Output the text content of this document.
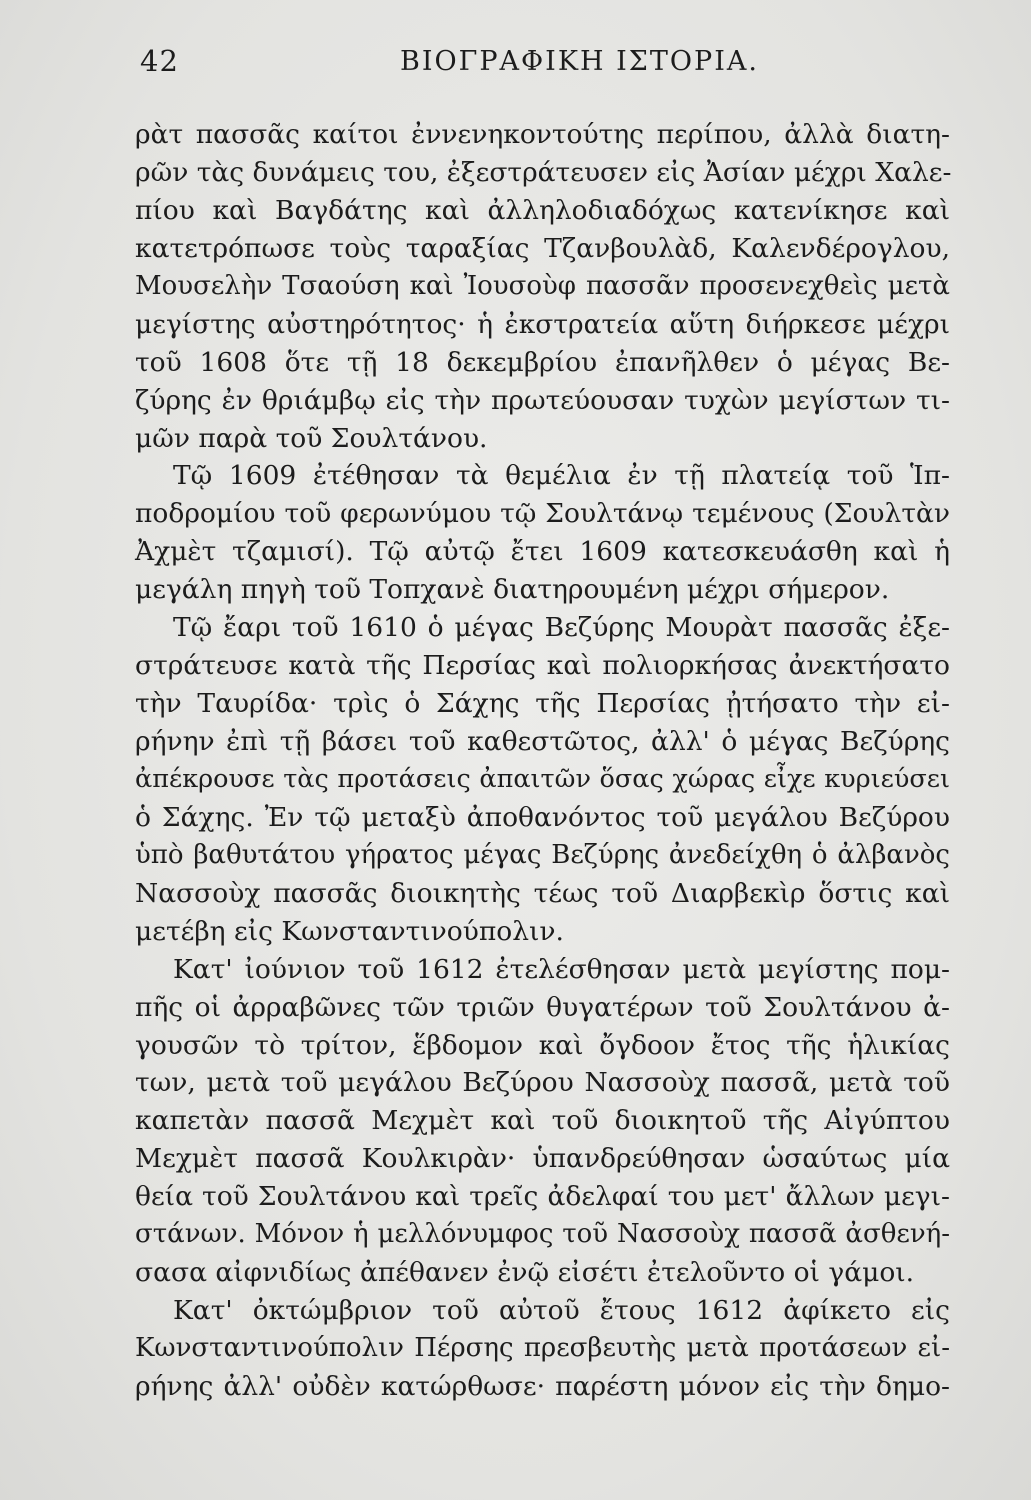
42	ΒΙΟΓΡΑΦΙΚΗ ΙΣΤΟΡΙΑ.
ρὰτ πασσᾶς καίτοι ἐννενηκοντούτης περίπου, ἀλλὰ διατη-
ρῶν τὰς δυνάμεις του, ἐξεστράτευσεν εἰς Ἀσίαν μέχρι Χαλε-
πίου καὶ Βαγδάτης καὶ ἀλληλοδιαδόχως κατενίκησε καὶ
κατετρόπωσε τοὺς ταραξίας Τζανβουλὰδ, Καλενδέρογλου,
Μουσελὴν Τσαούση καὶ Ἰουσοὺφ πασσᾶν προσενεχθεὶς μετὰ
μεγίστης αὐστηρότητος· ἡ ἐκστρατεία αὕτη διήρκεσε μέχρι
τοῦ 1608 ὅτε τῇ 18 δεκεμβρίου ἐπανῆλθεν ὁ μέγας Βε-
ζύρης ἐν θριάμβῳ εἰς τὴν πρωτεύουσαν τυχὼν μεγίστων τι-
μῶν παρὰ τοῦ Σουλτάνου.
Τῷ 1609 ἐτέθησαν τὰ θεμέλια ἐν τῇ πλατείᾳ τοῦ Ἱπ-
ποδρομίου τοῦ φερωνύμου τῷ Σουλτάνῳ τεμένους (Σουλτὰν
Ἀχμὲτ τζαμισί). Τῷ αὐτῷ ἔτει 1609 κατεσκευάσθη καὶ ἡ
μεγάλη πηγὴ τοῦ Τοπχανὲ διατηρουμένη μέχρι σήμερον.
Τῷ ἔαρι τοῦ 1610 ὁ μέγας Βεζύρης Μουρὰτ πασσᾶς ἐξε-
στράτευσε κατὰ τῆς Περσίας καὶ πολιορκήσας ἀνεκτήσατο
τὴν Ταυρίδα· τρὶς ὁ Σάχης τῆς Περσίας ᾐτήσατο τὴν εἰ-
ρήνην ἐπὶ τῇ βάσει τοῦ καθεστῶτος, ἀλλ' ὁ μέγας Βεζύρης
ἀπέκρουσε τὰς προτάσεις ἀπαιτῶν ὅσας χώρας εἶχε κυριεύσει
ὁ Σάχης. Ἐν τῷ μεταξὺ ἀποθανόντος τοῦ μεγάλου Βεζύρου
ὑπὸ βαθυτάτου γήρατος μέγας Βεζύρης ἀνεδείχθη ὁ ἀλβανὸς
Νασσοὺχ πασσᾶς διοικητὴς τέως τοῦ Διαρβεκὶρ ὅστις καὶ
μετέβη εἰς Κωνσταντινούπολιν.
Κατ' ἰούνιον τοῦ 1612 ἐτελέσθησαν μετὰ μεγίστης πομ-
πῆς οἱ ἀρραβῶνες τῶν τριῶν θυγατέρων τοῦ Σουλτάνου ἀ-
γουσῶν τὸ τρίτον, ἕβδομον καὶ ὄγδοον ἔτος τῆς ἡλικίας
των, μετὰ τοῦ μεγάλου Βεζύρου Νασσοὺχ πασσᾶ, μετὰ τοῦ
καπετὰν πασσᾶ Μεχμὲτ καὶ τοῦ διοικητοῦ τῆς Αἰγύπτου
Μεχμὲτ πασσᾶ Κουλκιρὰν· ὑπανδρεύθησαν ὡσαύτως μία
θεία τοῦ Σουλτάνου καὶ τρεῖς ἀδελφαί του μετ' ἄλλων μεγι-
στάνων. Μόνον ἡ μελλόνυμφος τοῦ Νασσοὺχ πασσᾶ ἀσθενή-
σασα αἰφνιδίως ἀπέθανεν ἐνῷ εἰσέτι ἐτελοῦντο οἱ γάμοι.
Κατ' ὀκτώμβριον τοῦ αὐτοῦ ἔτους 1612 ἀφίκετο εἰς
Κωνσταντινούπολιν Πέρσης πρεσβευτὴς μετὰ προτάσεων εἰ-
ρήνης ἀλλ' οὐδὲν κατώρθωσε· παρέστη μόνον εἰς τὴν δημο-
